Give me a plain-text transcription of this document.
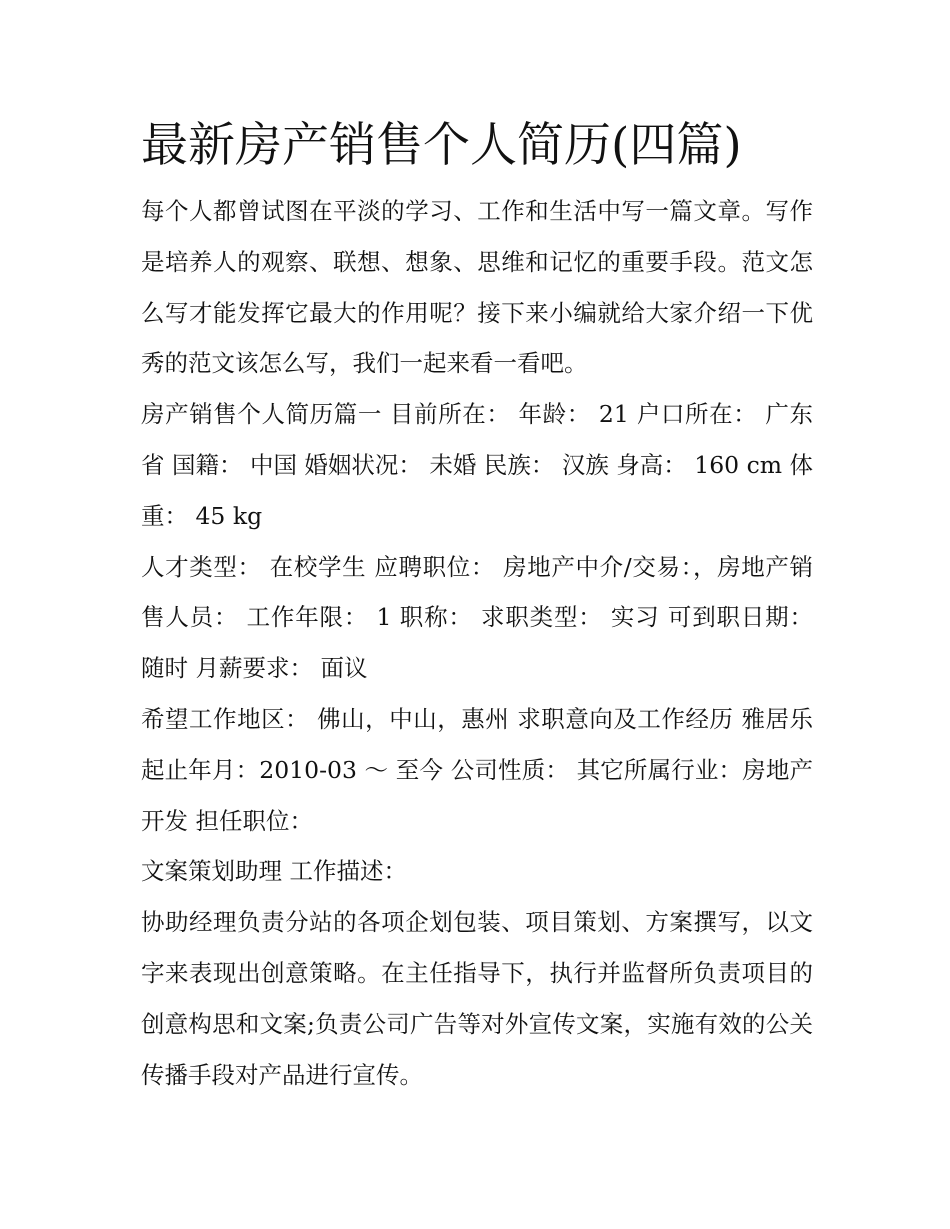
最新房产销售个人简历(四篇)

每个人都曾试图在平淡的学习、工作和生活中写一篇文章。写作是培养人的观察、联想、想象、思维和记忆的重要手段。范文怎么写才能发挥它最大的作用呢？接下来小编就给大家介绍一下优秀的范文该怎么写，我们一起来看一看吧。

房产销售个人简历篇一 目前所在： 年龄： 21 户口所在： 广东省 国籍： 中国 婚姻状况： 未婚 民族： 汉族 身高： 160 cm 体重： 45 kg

人才类型： 在校学生 应聘职位： 房地产中介/交易：，房地产销售人员： 工作年限： 1 职称： 求职类型： 实习 可到职日期： 随时 月薪要求： 面议

希望工作地区： 佛山，中山，惠州 求职意向及工作经历 雅居乐 起止年月：2010-03 ～ 至今 公司性质： 其它所属行业：房地产开发 担任职位：

文案策划助理 工作描述：

协助经理负责分站的各项企划包装、项目策划、方案撰写，以文字来表现出创意策略。在主任指导下，执行并监督所负责项目的创意构思和文案;负责公司广告等对外宣传文案，实施有效的公关传播手段对产品进行宣传。
